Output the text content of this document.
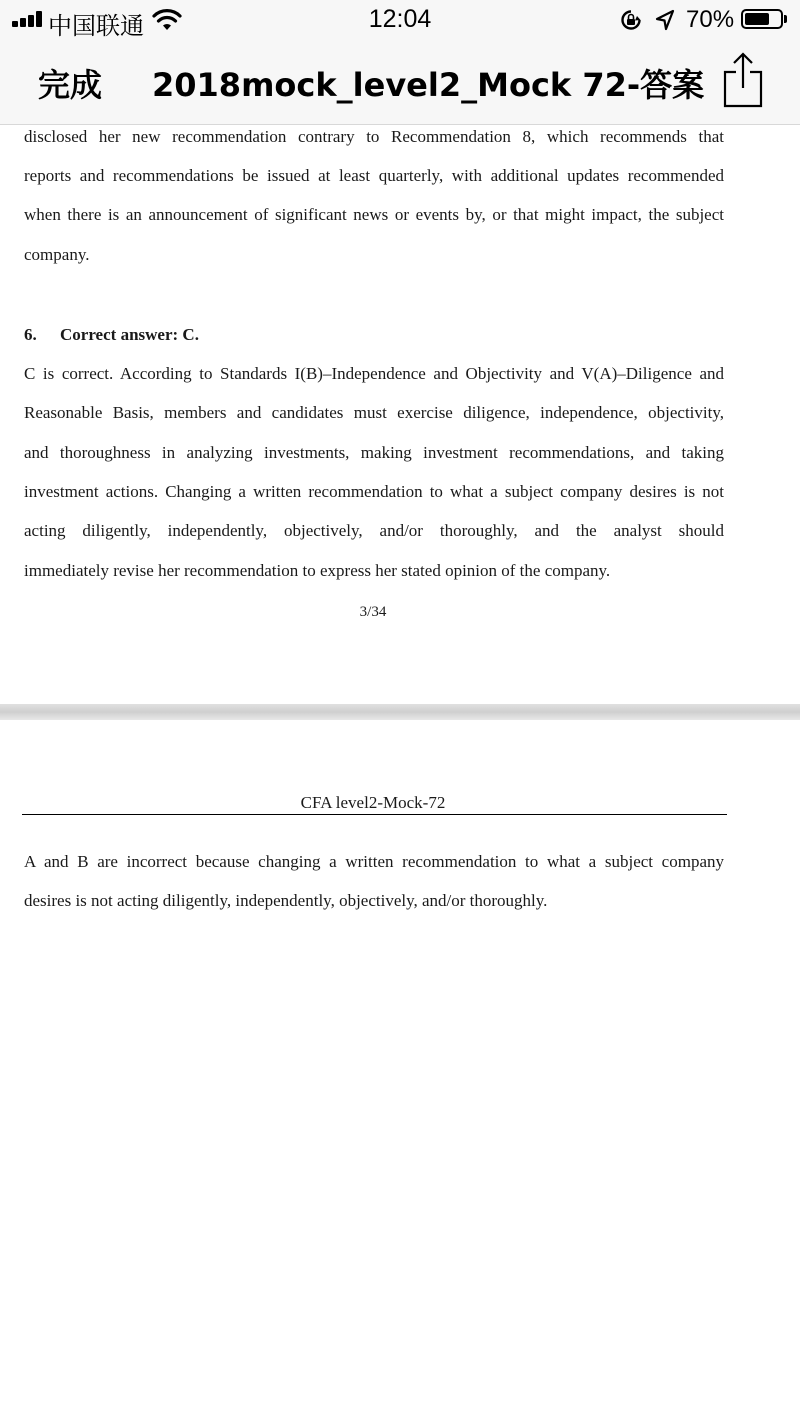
中国联通	12:04	70%
完成 2018mock_level2_Mock 72-答案
disclosed her new recommendation contrary to Recommendation 8, which recommends that
reports and recommendations be issued at least quarterly, with additional updates recommended
when there is an announcement of significant news or events by, or that might impact, the subject
company.
6. Correct answer: C.
C is correct. According to Standards I(B)–Independence and Objectivity and V(A)–Diligence and
Reasonable Basis, members and candidates must exercise diligence, independence, objectivity,
and thoroughness in analyzing investments, making investment recommendations, and taking
investment actions. Changing a written recommendation to what a subject company desires is not
acting diligently, independently, objectively, and/or thoroughly, and the analyst should
immediately revise her recommendation to express her stated opinion of the company.
3/34
CFA level2-Mock-72
A and B are incorrect because changing a written recommendation to what a subject company
desires is not acting diligently, independently, objectively, and/or thoroughly.
